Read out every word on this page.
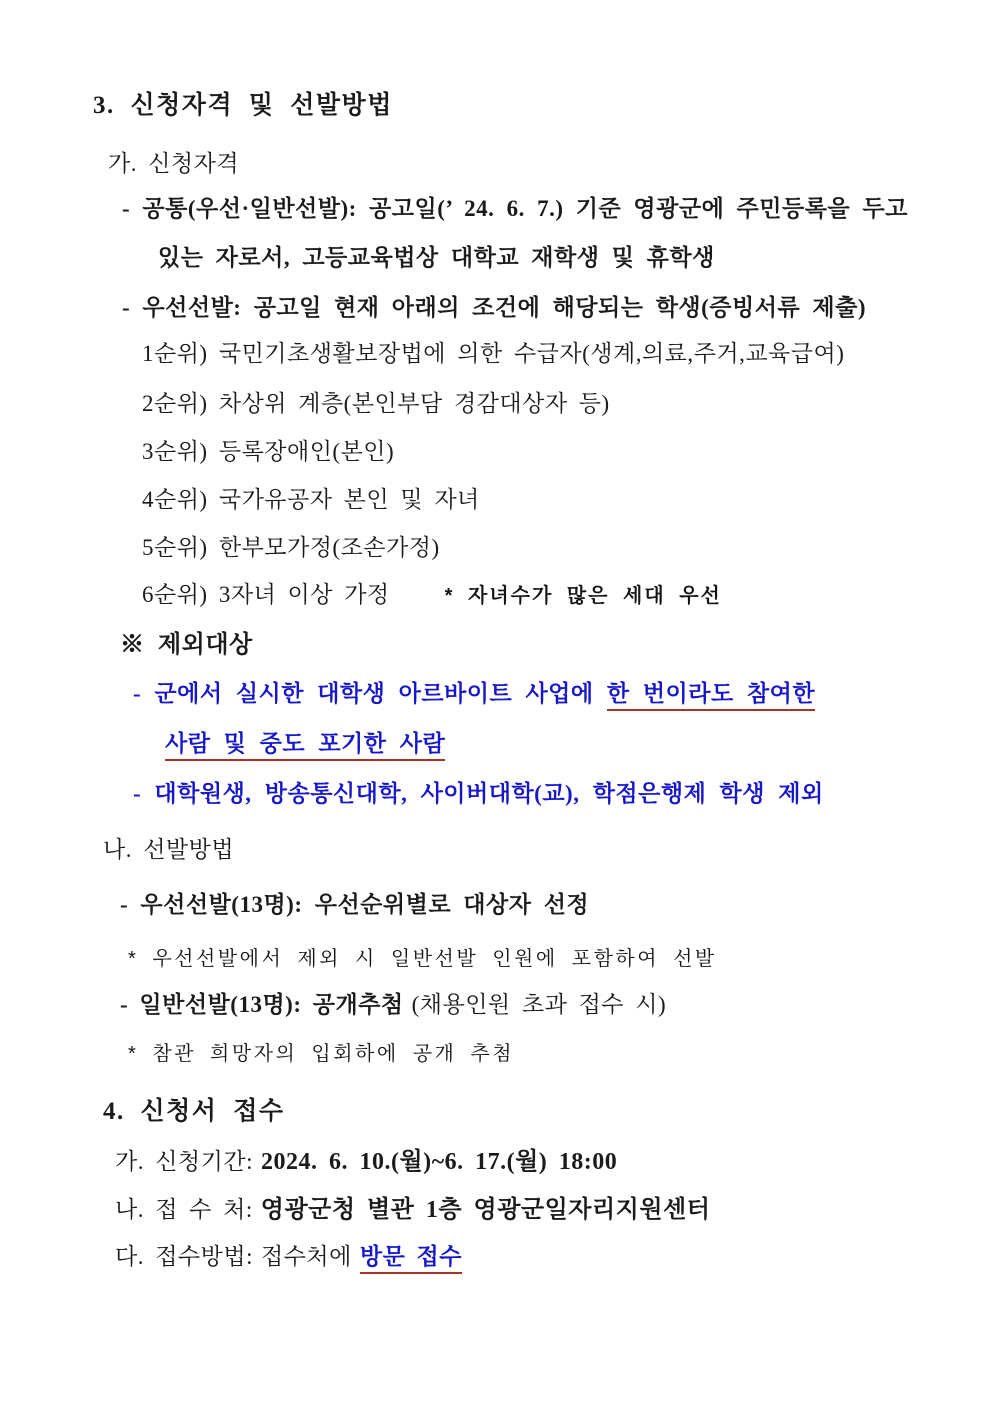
3. 신청자격 및 선발방법
가. 신청자격
- 공통(우선·일반선발): 공고일(’ 24. 6. 7.) 기준 영광군에 주민등록을 두고
있는 자로서, 고등교육법상 대학교 재학생 및 휴학생
- 우선선발: 공고일 현재 아래의 조건에 해당되는 학생(증빙서류 제출)
1순위) 국민기초생활보장법에 의한 수급자(생계,의료,주거,교육급여)
2순위) 차상위 계층(본인부담 경감대상자 등)
3순위) 등록장애인(본인)
4순위) 국가유공자 본인 및 자녀
5순위) 한부모가정(조손가정)
6순위) 3자녀 이상 가정	* 자녀수가 많은 세대 우선
※ 제외대상
- 군에서 실시한 대학생 아르바이트 사업에 한 번이라도 참여한
사람 및 중도 포기한 사람
- 대학원생, 방송통신대학, 사이버대학(교), 학점은행제 학생 제외
나. 선발방법
- 우선선발(13명): 우선순위별로 대상자 선정
* 우선선발에서 제외 시 일반선발 인원에 포함하여 선발
- 일반선발(13명): 공개추첨 (채용인원 초과 접수 시)
* 참관 희망자의 입회하에 공개 추첨
4. 신청서 접수
가. 신청기간: 2024. 6. 10.(월)~6. 17.(월) 18:00
나. 접 수 처: 영광군청 별관 1층 영광군일자리지원센터
다. 접수방법: 접수처에 방문 접수
